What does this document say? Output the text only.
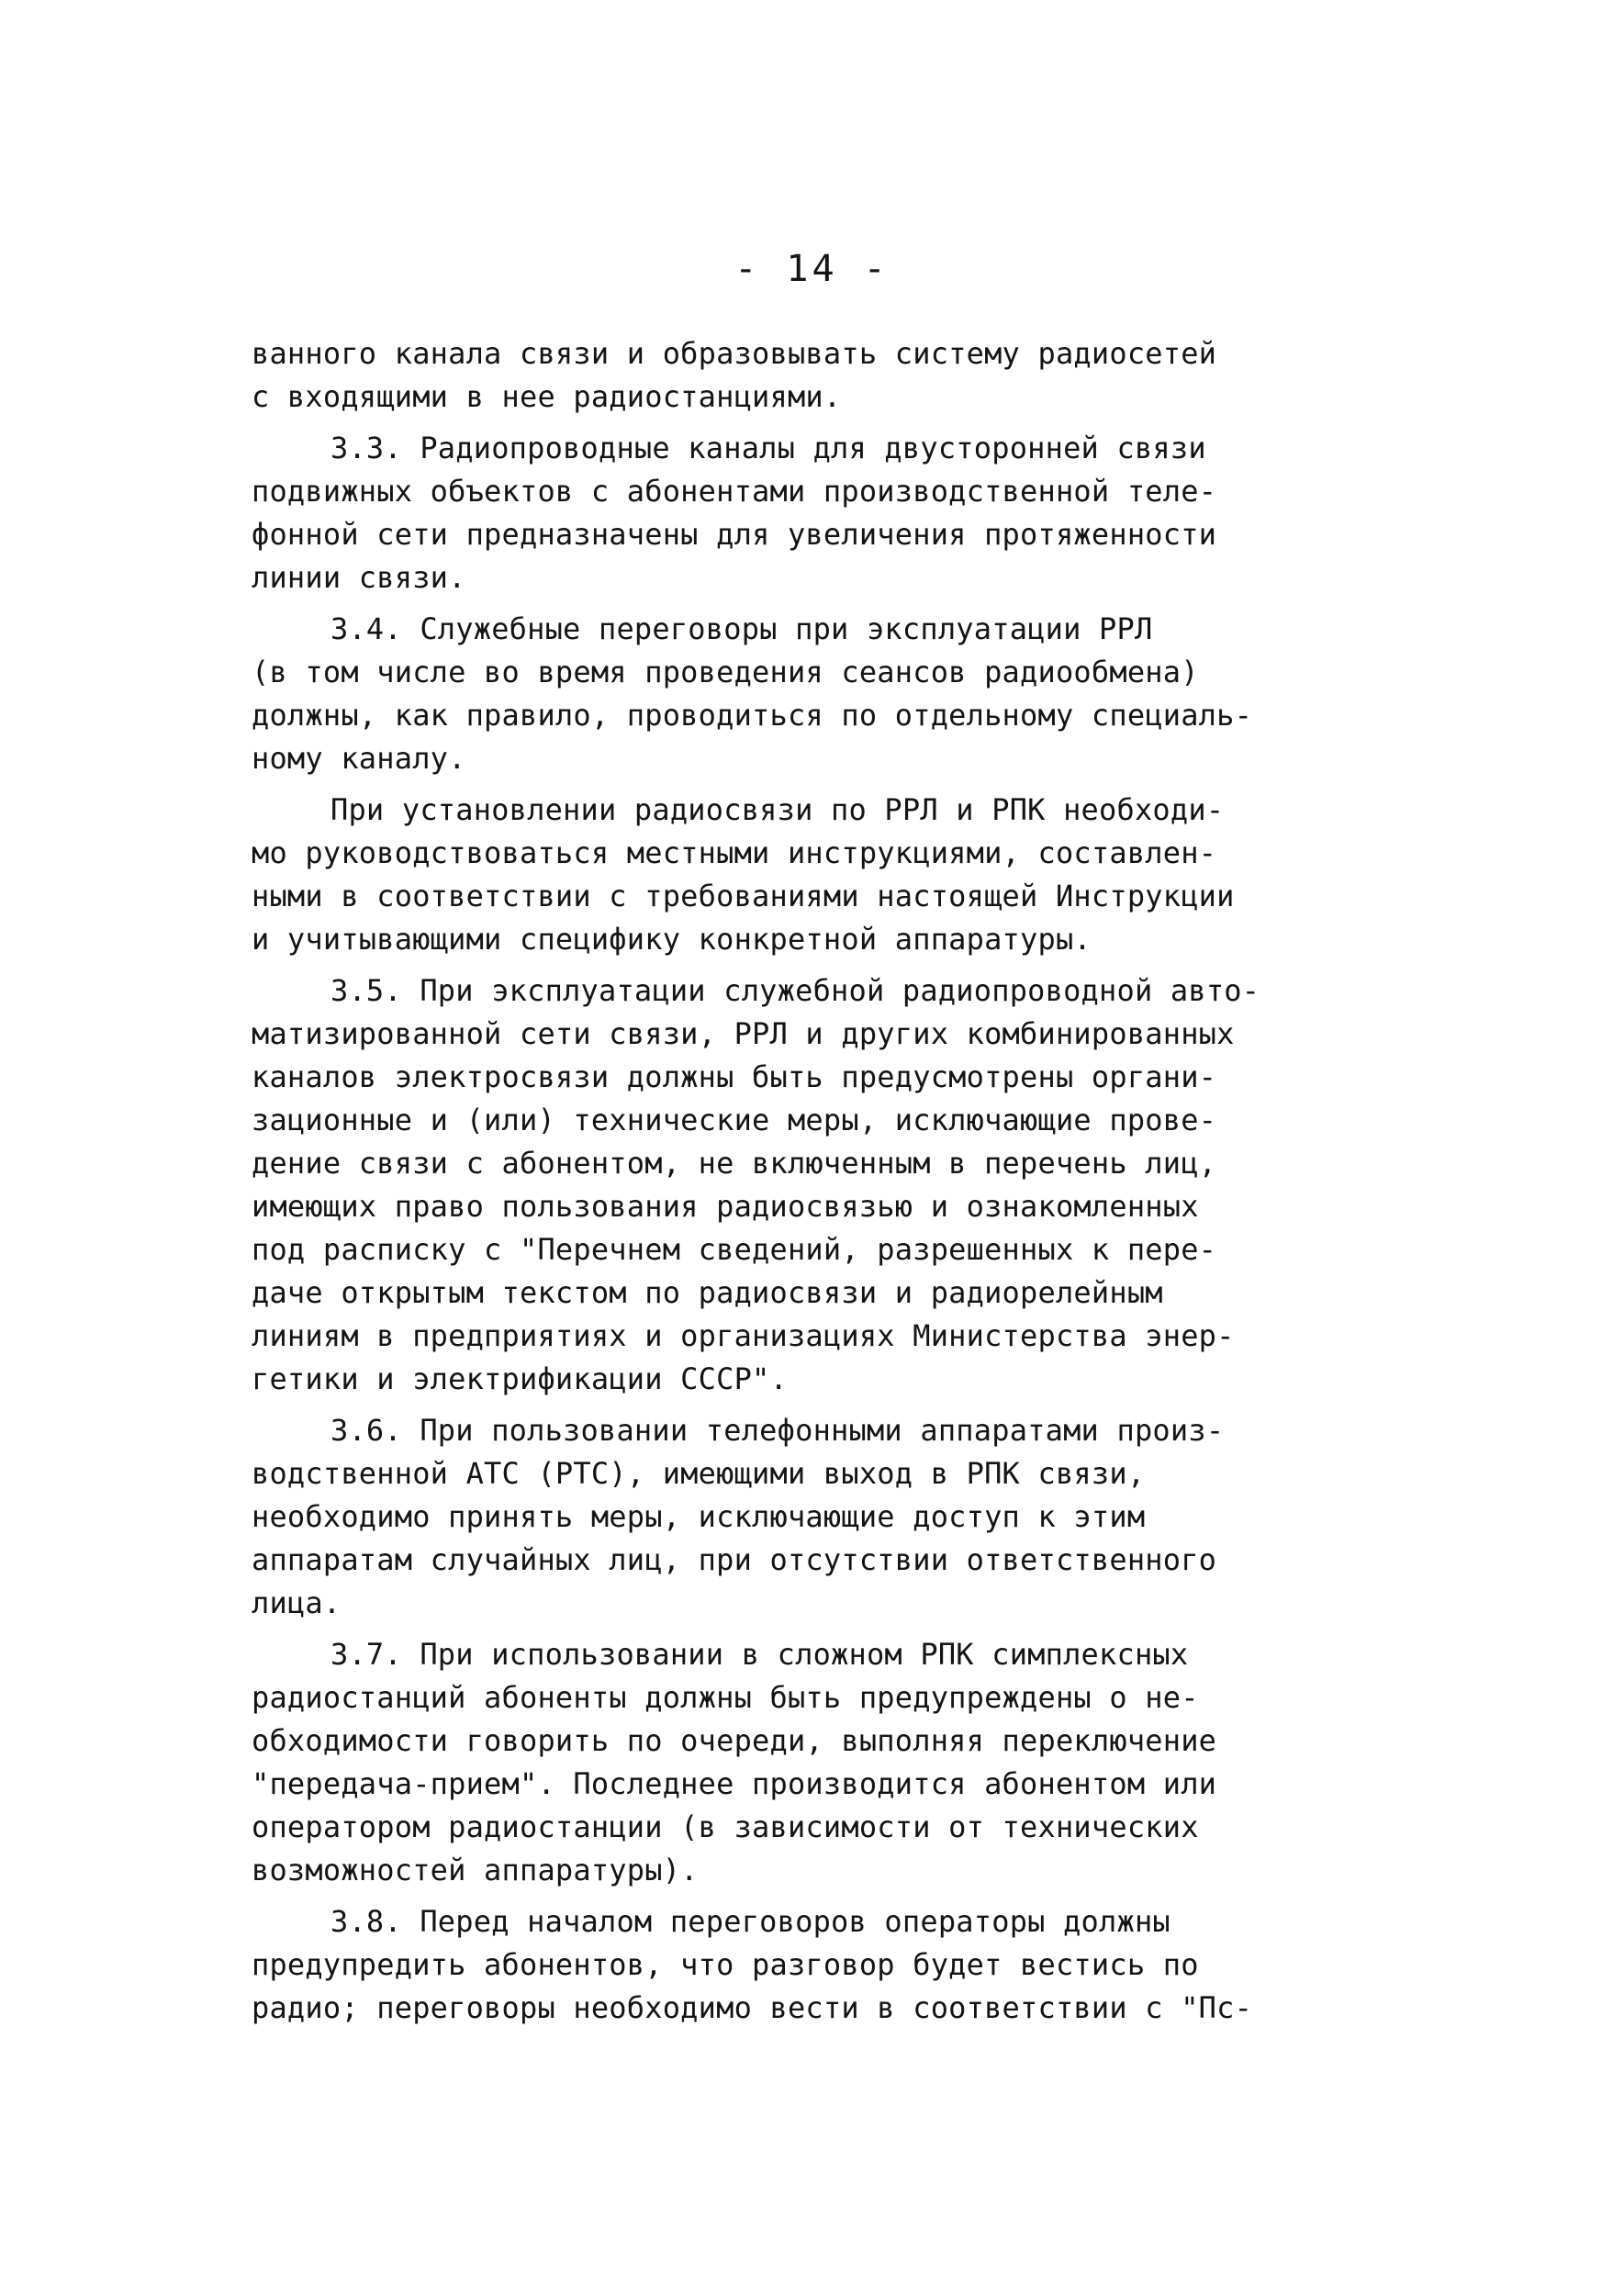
- 14 -
ванного канала связи и образовывать систему радиосетей
с входящими в нее радиостанциями.
3.3. Радиопроводные каналы для двусторонней связи
подвижных объектов с абонентами производственной теле-
фонной сети предназначены для увеличения протяженности
линии связи.
3.4. Служебные переговоры при эксплуатации РРЛ
(в том числе во время проведения сеансов радиообмена)
должны, как правило, проводиться по отдельному специаль-
ному каналу.
При установлении радиосвязи по РРЛ и РПК необходи-
мо руководствоваться местными инструкциями, составлен-
ными в соответствии с требованиями настоящей Инструкции
и учитывающими специфику конкретной аппаратуры.
3.5. При эксплуатации служебной радиопроводной авто-
матизированной сети связи, РРЛ и других комбинированных
каналов электросвязи должны быть предусмотрены органи-
зационные и (или) технические меры, исключающие прове-
дение связи с абонентом, не включенным в перечень лиц,
имеющих право пользования радиосвязью и ознакомленных
под расписку с "Перечнем сведений, разрешенных к пере-
даче открытым текстом по радиосвязи и радиорелейным
линиям в предприятиях и организациях Министерства энер-
гетики и электрификации СССР".
3.6. При пользовании телефонными аппаратами произ-
водственной АТС (РТС), имеющими выход в РПК связи,
необходимо принять меры, исключающие доступ к этим
аппаратам случайных лиц, при отсутствии ответственного
лица.
3.7. При использовании в сложном РПК симплексных
радиостанций абоненты должны быть предупреждены о не-
обходимости говорить по очереди, выполняя переключение
"передача-прием". Последнее производится абонентом или
оператором радиостанции (в зависимости от технических
возможностей аппаратуры).
3.8. Перед началом переговоров операторы должны
предупредить абонентов, что разговор будет вестись по
радио; переговоры необходимо вести в соответствии с "Пс-
